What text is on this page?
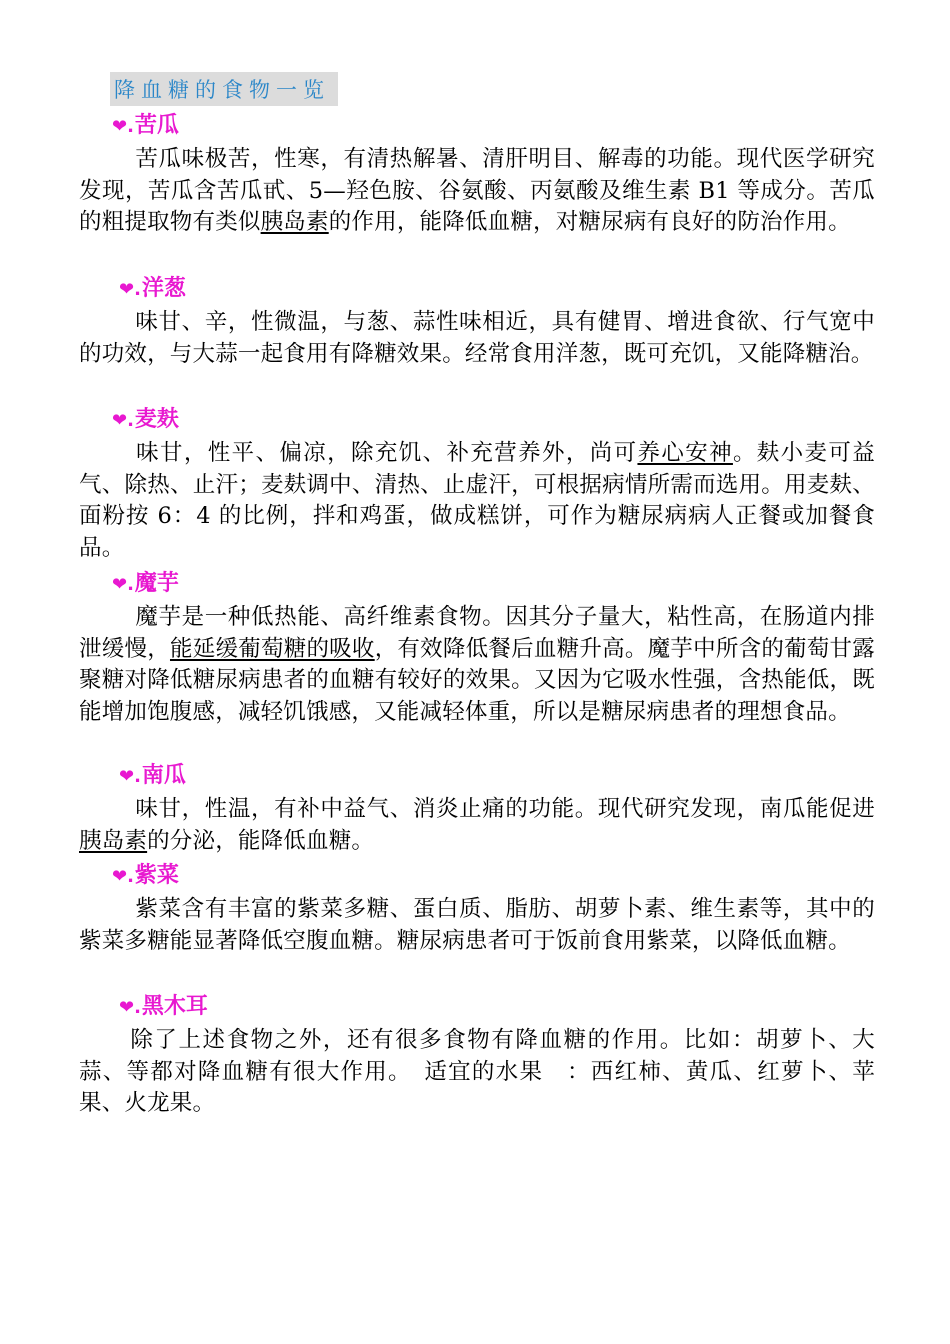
降血糖的食物一览
❤.苦瓜
苦瓜味极苦，性寒，有清热解暑、清肝明目、解毒的功能。现代医学研究发现，苦瓜含苦瓜甙、5—羟色胺、谷氨酸、丙氨酸及维生素 B1 等成分。苦瓜的粗提取物有类似胰岛素的作用，能降低血糖，对糖尿病有良好的防治作用。
❤.洋葱
味甘、辛，性微温，与葱、蒜性味相近，具有健胃、增进食欲、行气宽中的功效，与大蒜一起食用有降糖效果。经常食用洋葱，既可充饥，又能降糖治。
❤.麦麸
味甘，性平、偏凉，除充饥、补充营养外，尚可养心安神。麸小麦可益气、除热、止汗；麦麸调中、清热、止虚汗，可根据病情所需而选用。用麦麸、面粉按 6：4 的比例，拌和鸡蛋，做成糕饼，可作为糖尿病病人正餐或加餐食品。
❤.魔芋
魔芋是一种低热能、高纤维素食物。因其分子量大，粘性高，在肠道内排泄缓慢，能延缓葡萄糖的吸收，有效降低餐后血糖升高。魔芋中所含的葡萄甘露聚糖对降低糖尿病患者的血糖有较好的效果。又因为它吸水性强，含热能低，既能增加饱腹感，减轻饥饿感，又能减轻体重，所以是糖尿病患者的理想食品。
❤.南瓜
味甘，性温，有补中益气、消炎止痛的功能。现代研究发现，南瓜能促进胰岛素的分泌，能降低血糖。
❤.紫菜
紫菜含有丰富的紫菜多糖、蛋白质、脂肪、胡萝卜素、维生素等，其中的紫菜多糖能显著降低空腹血糖。糖尿病患者可于饭前食用紫菜，以降低血糖。
❤.黑木耳
除了上述食物之外，还有很多食物有降血糖的作用。比如：胡萝卜、大蒜、等都对降血糖有很大作用。　适宜的水果　：西红柿、黄瓜、红萝卜、苹果、火龙果。
